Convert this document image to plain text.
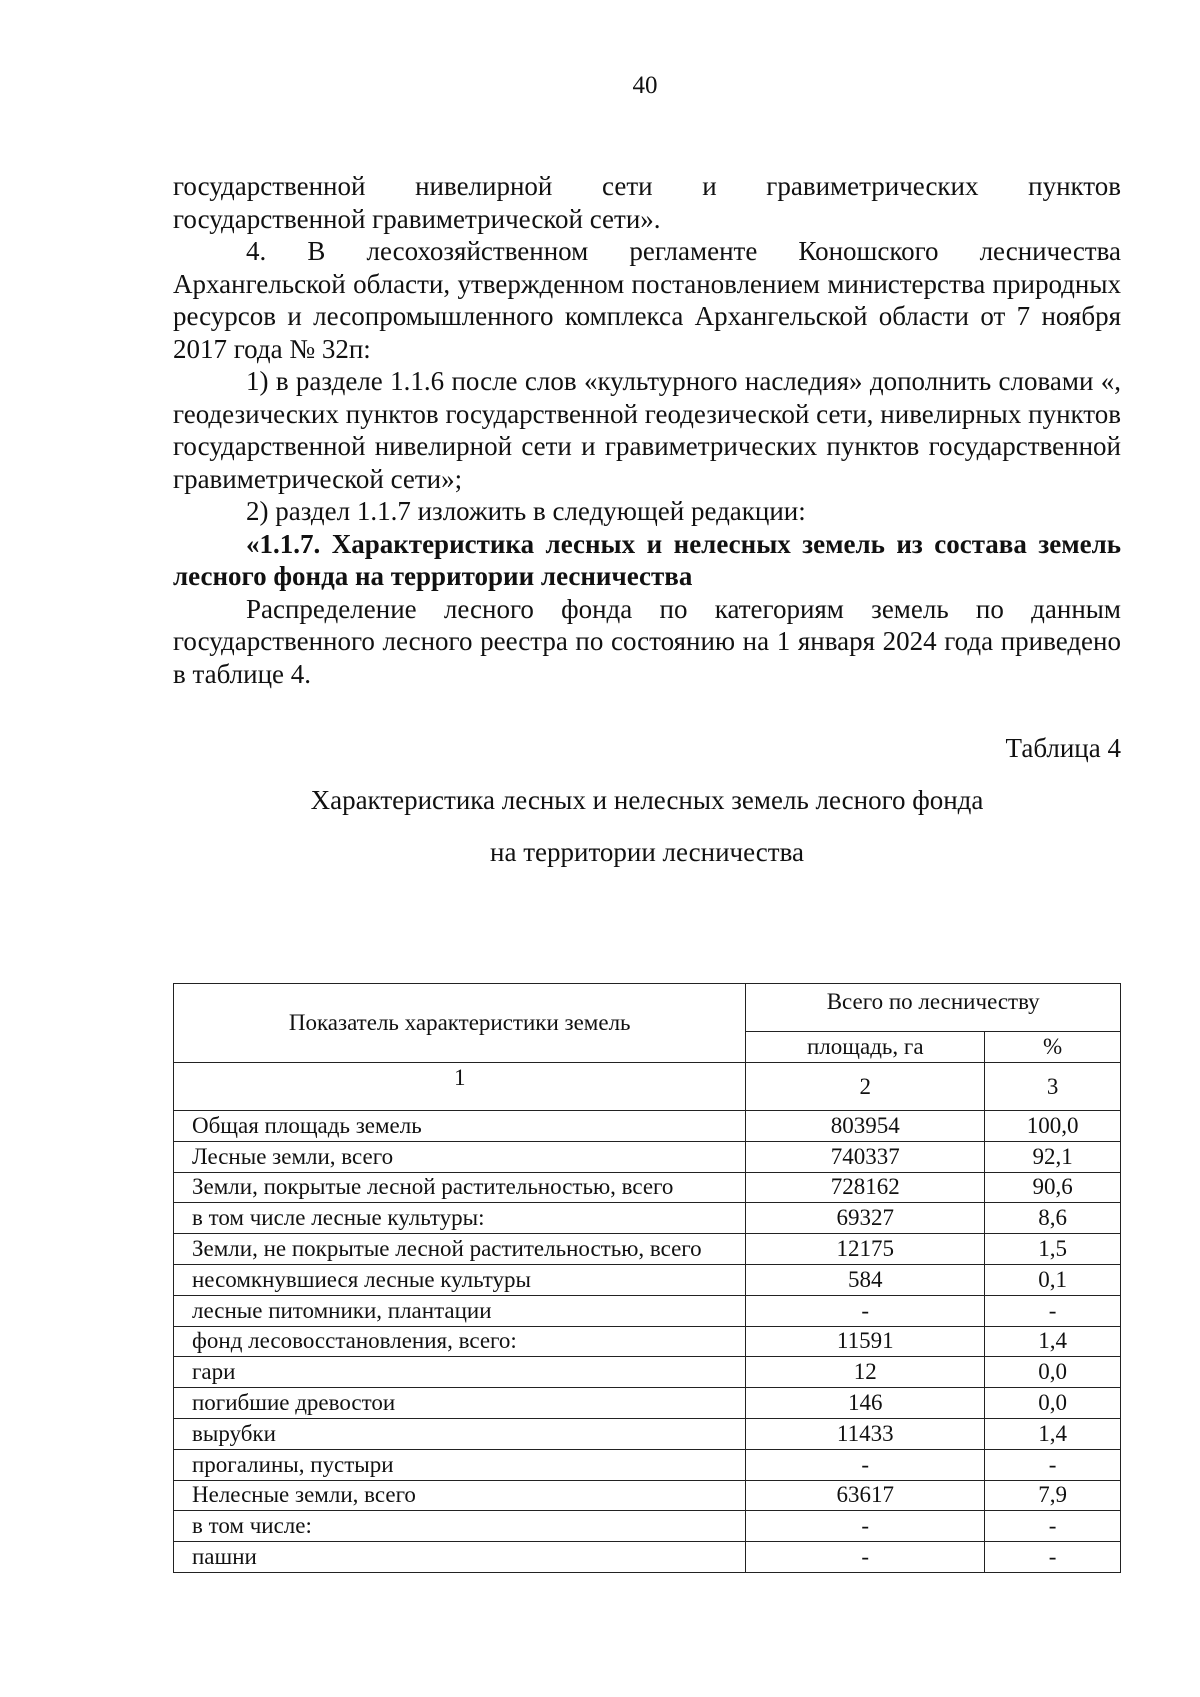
40

государственной нивелирной сети и гравиметрических пунктов

государственной гравиметрической сети».

4. В лесохозяйственном регламенте Коношского лесничества Архангельской области, утвержденном постановлением министерства природных ресурсов и лесопромышленного комплекса Архангельской области от 7 ноября 2017 года № 32п:

1) в разделе 1.1.6 после слов «культурного наследия» дополнить словами «, геодезических пунктов государственной геодезической сети, нивелирных пунктов государственной нивелирной сети и гравиметрических пунктов государственной гравиметрической сети»;

2) раздел 1.1.7 изложить в следующей редакции:

«1.1.7. Характеристика лесных и нелесных земель из состава земель лесного фонда на территории лесничества

Распределение лесного фонда по категориям земель по данным государственного лесного реестра по состоянию на 1 января 2024 года приведено в таблице 4.

Таблица 4
Характеристика лесных и нелесных земель лесного фонда
на территории лесничества
Показатель характеристики земель	Всего по лесничеству	
	площадь, га	%
1	2	3
Общая площадь земель	803954	100,0
Лесные земли, всего	740337	92,1
Земли, покрытые лесной растительностью, всего	728162	90,6
в том числе лесные культуры:	69327	8,6
Земли, не покрытые лесной растительностью, всего	12175	1,5
несомкнувшиеся лесные культуры	584	0,1
лесные питомники, плантации	-	-
фонд лесовосстановления, всего:	11591	1,4
гари	12	0,0
погибшие древостои	146	0,0
вырубки	11433	1,4
прогалины, пустыри	-	-
Нелесные земли, всего	63617	7,9
в том числе:	-	-
пашни	-	-
